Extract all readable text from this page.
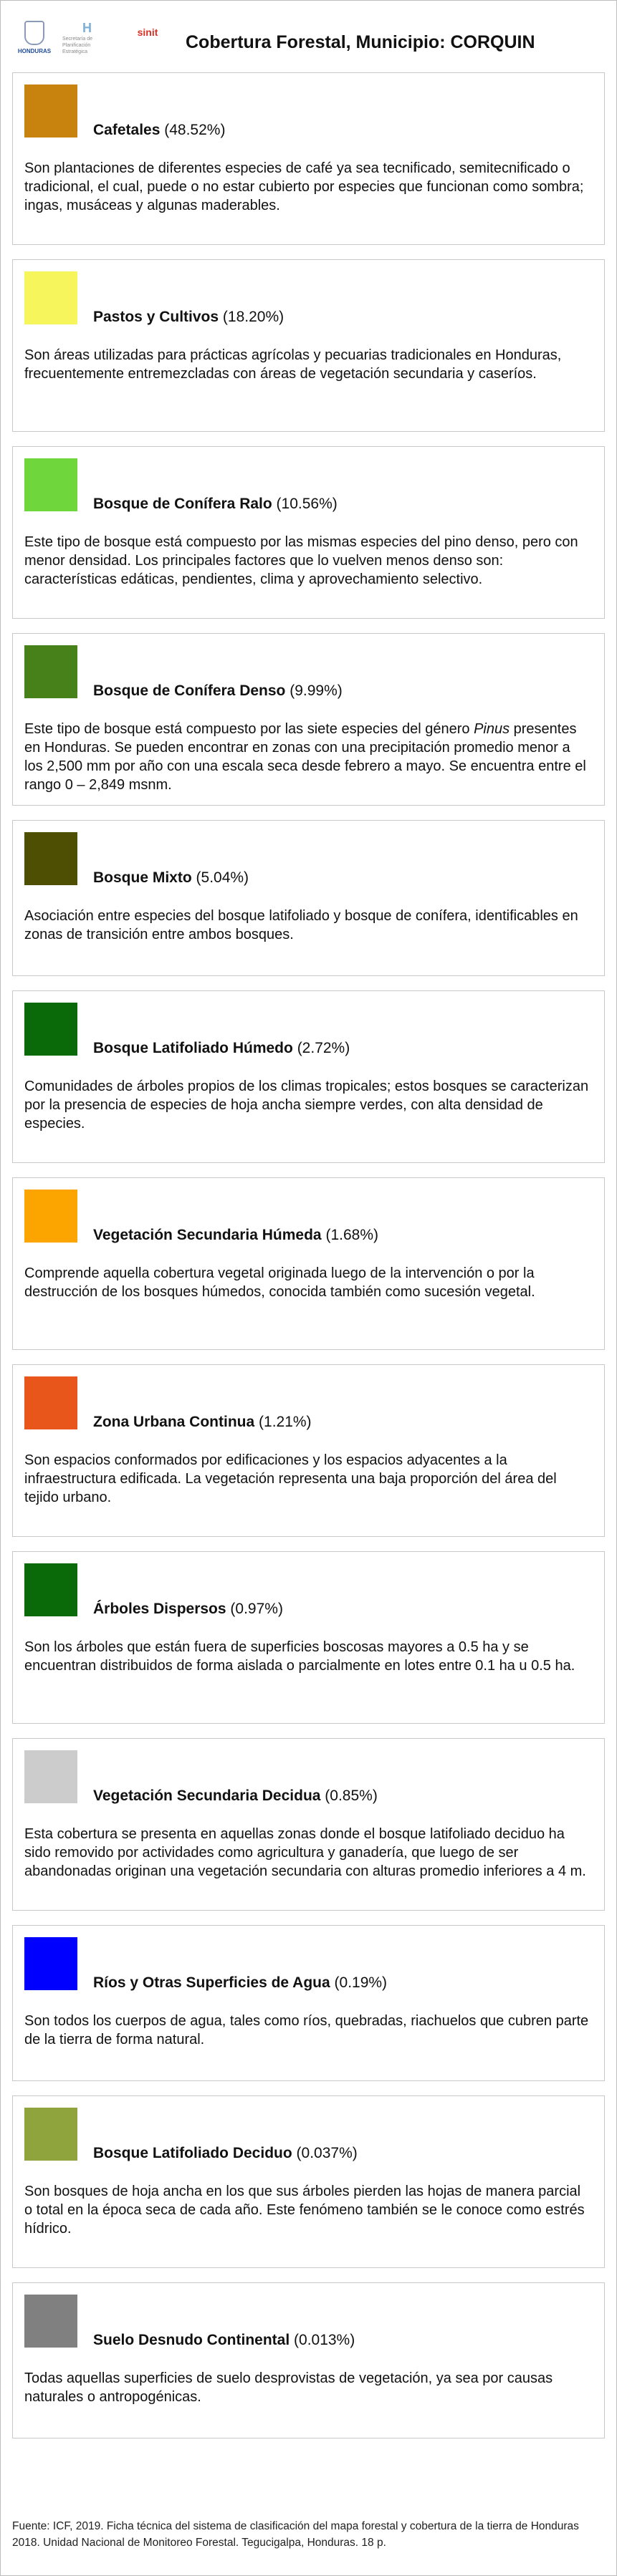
HONDURAS
H
Secretaría de Planificación Estratégica
sinit	Cobertura Forestal, Municipio: CORQUIN
Cafetales (48.52%)

Son plantaciones de diferentes especies de café ya sea tecnificado, semitecnificado o tradicional, el cual, puede o no estar cubierto por especies que funcionan como sombra; ingas, musáceas y algunas maderables.

Pastos y Cultivos (18.20%)

Son áreas utilizadas para prácticas agrícolas y pecuarias tradicionales en Honduras, frecuentemente entremezcladas con áreas de vegetación secundaria y caseríos.

Bosque de Conífera Ralo (10.56%)

Este tipo de bosque está compuesto por las mismas especies del pino denso, pero con menor densidad. Los principales factores que lo vuelven menos denso son: características edáticas, pendientes, clima y aprovechamiento selectivo.

Bosque de Conífera Denso (9.99%)

Este tipo de bosque está compuesto por las siete especies del género Pinus presentes en Honduras. Se pueden encontrar en zonas con una precipitación promedio menor a los 2,500 mm por año con una escala seca desde febrero a mayo. Se encuentra entre el rango 0 – 2,849 msnm.

Bosque Mixto (5.04%)

Asociación entre especies del bosque latifoliado y bosque de conífera, identificables en zonas de transición entre ambos bosques.

Bosque Latifoliado Húmedo (2.72%)

Comunidades de árboles propios de los climas tropicales; estos bosques se caracterizan por la presencia de especies de hoja ancha siempre verdes, con alta densidad de especies.

Vegetación Secundaria Húmeda (1.68%)

Comprende aquella cobertura vegetal originada luego de la intervención o por la destrucción de los bosques húmedos, conocida también como sucesión vegetal.

Zona Urbana Continua (1.21%)

Son espacios conformados por edificaciones y los espacios adyacentes a la infraestructura edificada. La vegetación representa una baja proporción del área del tejido urbano.

Árboles Dispersos (0.97%)

Son los árboles que están fuera de superficies boscosas mayores a 0.5 ha y se encuentran distribuidos de forma aislada o parcialmente en lotes entre 0.1 ha u 0.5 ha.

Vegetación Secundaria Decidua (0.85%)

Esta cobertura se presenta en aquellas zonas donde el bosque latifoliado deciduo ha sido removido por actividades como agricultura y ganadería, que luego de ser abandonadas originan una vegetación secundaria con alturas promedio inferiores a 4 m.

Ríos y Otras Superficies de Agua (0.19%)

Son todos los cuerpos de agua, tales como ríos, quebradas, riachuelos que cubren parte de la tierra de forma natural.

Bosque Latifoliado Deciduo (0.037%)

Son bosques de hoja ancha en los que sus árboles pierden las hojas de manera parcial o total en la época seca de cada año. Este fenómeno también se le conoce como estrés hídrico.

Suelo Desnudo Continental (0.013%)

Todas aquellas superficies de suelo desprovistas de vegetación, ya sea por causas naturales o antropogénicas.

Fuente: ICF, 2019. Ficha técnica del sistema de clasificación del mapa forestal y cobertura de la tierra de Honduras 2018. Unidad Nacional de Monitoreo Forestal. Tegucigalpa, Honduras. 18 p.
